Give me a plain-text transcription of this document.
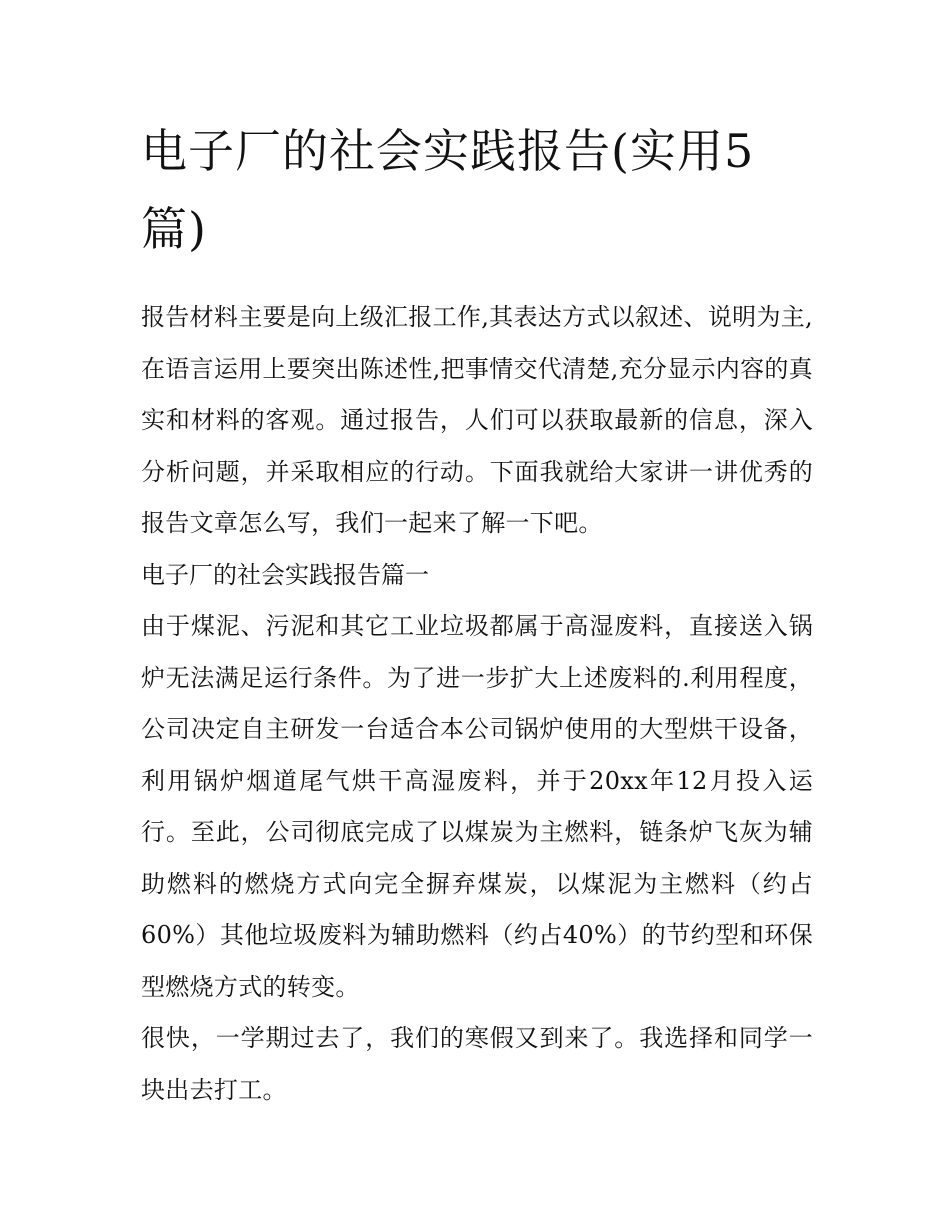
电子厂的社会实践报告(实用5篇)

报告材料主要是向上级汇报工作,其表达方式以叙述、说明为主,在语言运用上要突出陈述性,把事情交代清楚,充分显示内容的真实和材料的客观。通过报告，人们可以获取最新的信息，深入分析问题，并采取相应的行动。下面我就给大家讲一讲优秀的报告文章怎么写，我们一起来了解一下吧。

电子厂的社会实践报告篇一

由于煤泥、污泥和其它工业垃圾都属于高湿废料，直接送入锅炉无法满足运行条件。为了进一步扩大上述废料的.利用程度，公司决定自主研发一台适合本公司锅炉使用的大型烘干设备，利用锅炉烟道尾气烘干高湿废料，并于20xx年12月投入运行。至此，公司彻底完成了以煤炭为主燃料，链条炉飞灰为辅助燃料的燃烧方式向完全摒弃煤炭，以煤泥为主燃料（约占60%）其他垃圾废料为辅助燃料（约占40%）的节约型和环保型燃烧方式的转变。

很快，一学期过去了，我们的寒假又到来了。我选择和同学一块出去打工。
